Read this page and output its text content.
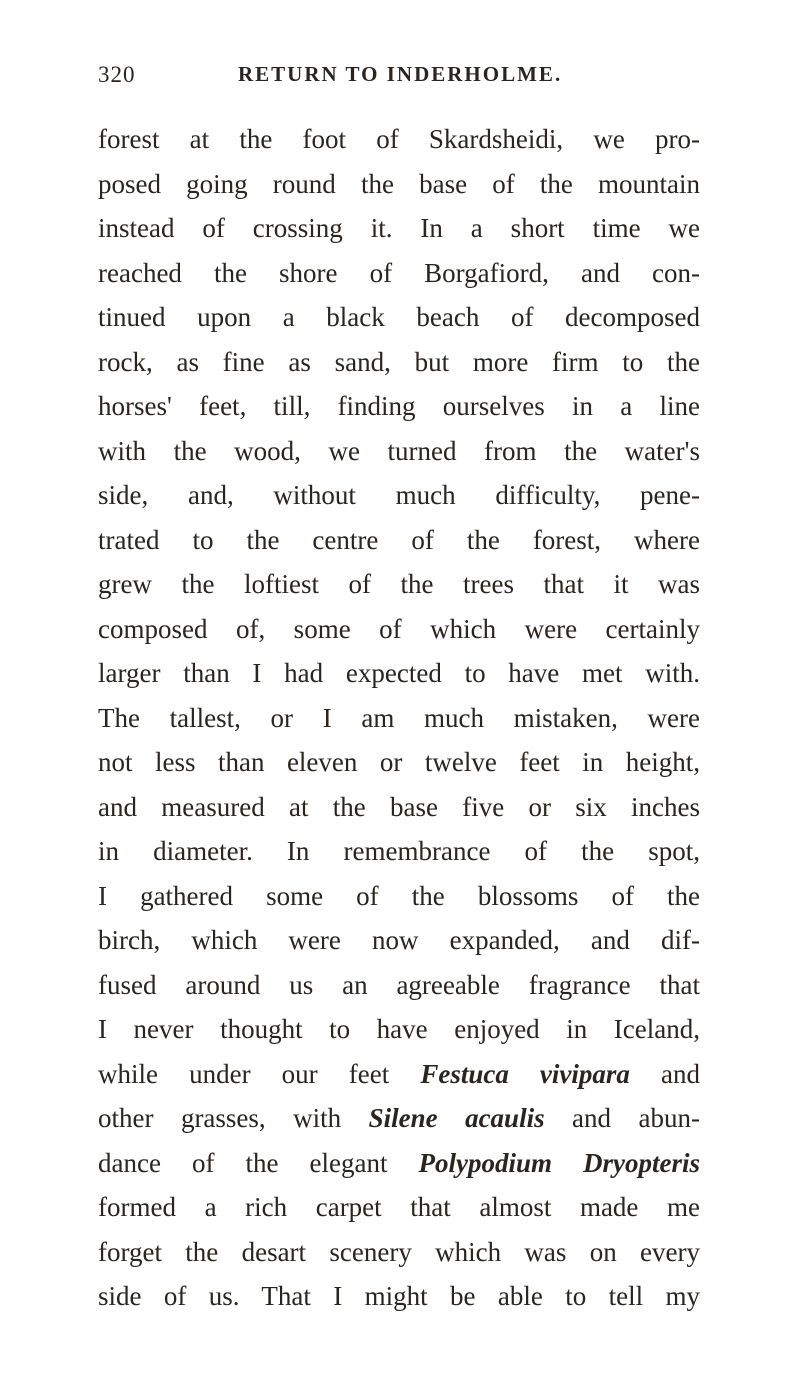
320	RETURN TO INDERHOLME.
forest at the foot of Skardsheidi, we pro-
posed going round the base of the mountain
instead of crossing it. In a short time we
reached the shore of Borgafiord, and con-
tinued upon a black beach of decomposed
rock, as fine as sand, but more firm to the
horses' feet, till, finding ourselves in a line
with the wood, we turned from the water's
side, and, without much difficulty, pene-
trated to the centre of the forest, where
grew the loftiest of the trees that it was
composed of, some of which were certainly
larger than I had expected to have met with.
The tallest, or I am much mistaken, were
not less than eleven or twelve feet in height,
and measured at the base five or six inches
in diameter. In remembrance of the spot,
I gathered some of the blossoms of the
birch, which were now expanded, and dif-
fused around us an agreeable fragrance that
I never thought to have enjoyed in Iceland,
while under our feet Festuca vivipara and
other grasses, with Silene acaulis and abun-
dance of the elegant Polypodium Dryopteris
formed a rich carpet that almost made me
forget the desart scenery which was on every
side of us. That I might be able to tell my
